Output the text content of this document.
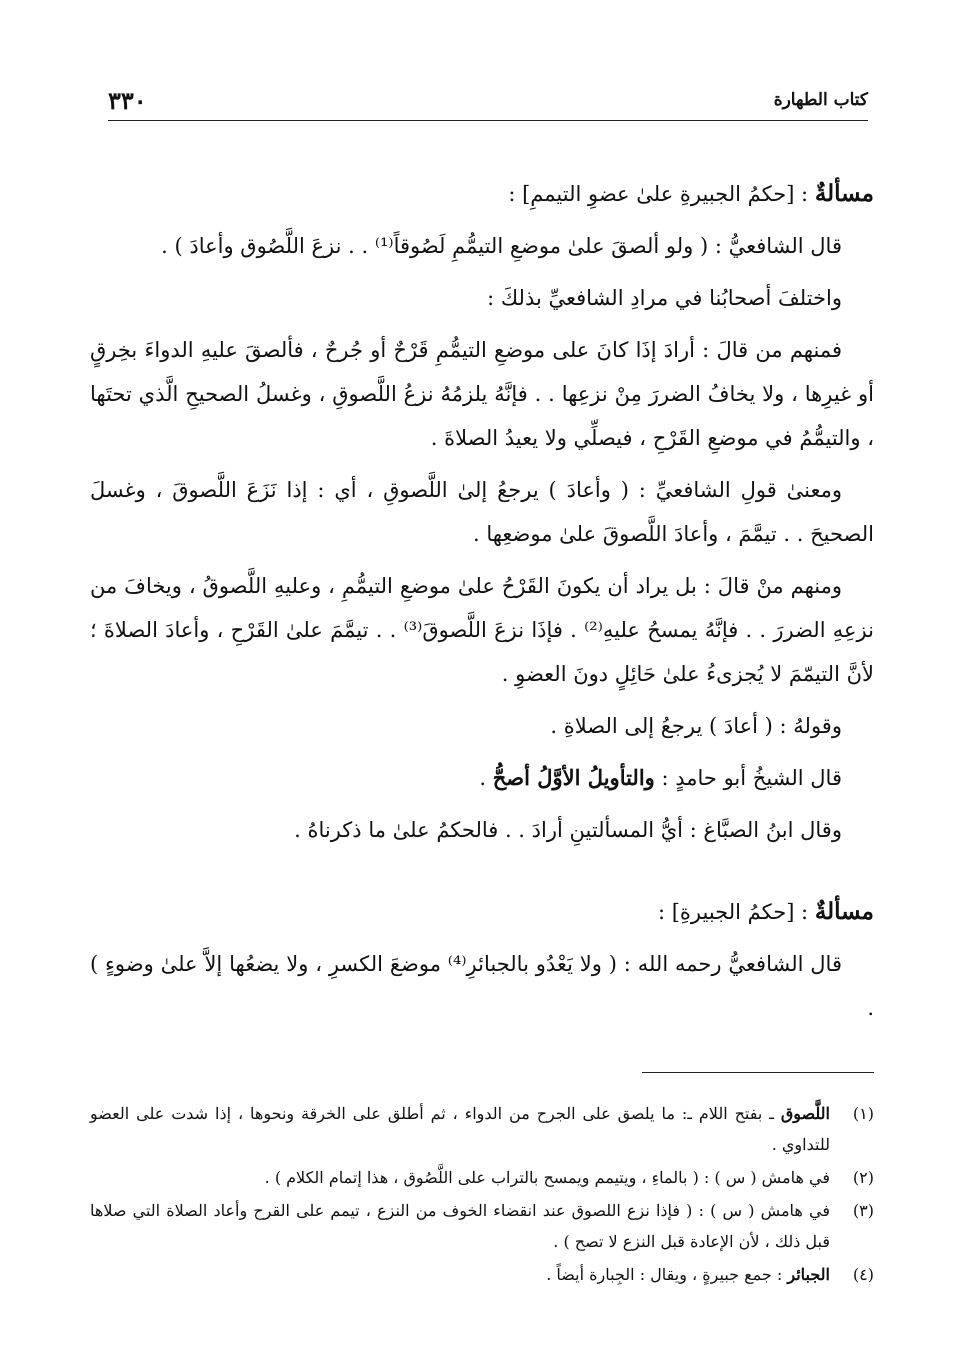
كتاب الطهارة
٣٣٠

مسألةٌ : [حكمُ الجبيرةِ علىٰ عضوِ التيممِ] :

قال الشافعيُّ : ( ولو ألصقَ علىٰ موضعِ التيمُّمِ لَصُوقاً⁽¹⁾ . . نزعَ اللَّصُوق وأعادَ ) .

واختلفَ أصحابُنا في مرادِ الشافعيِّ بذلكَ :

فمنهم من قالَ : أرادَ إذَا كانَ على موضعِ التيمُّمِ قَرْحٌ أو جُرحٌ ، فألصقَ عليهِ الدواءَ بخِرقٍ أو غيرِها ، ولا يخافُ الضررَ مِنْ نزعِها . . فإنَّهُ يلزمُهُ نزعُ اللَّصوقِ ، وغسلُ الصحيحِ الَّذي تحتَها ، والتيمُّمُ في موضعِ القَرْحِ ، فيصلِّي ولا يعيدُ الصلاةَ .

ومعنىٰ قولِ الشافعيِّ : ( وأعادَ ) يرجعُ إلىٰ اللَّصوقِ ، أي : إذا نَزَعَ اللَّصوقَ ، وغسلَ الصحيحَ . . تيمَّمَ ، وأعادَ اللَّصوقَ علىٰ موضعِها .

ومنهم منْ قالَ : بل يراد أن يكونَ القَرْحُ علىٰ موضعِ التيمُّمِ ، وعليهِ اللَّصوقُ ، ويخافَ من نزعِهِ الضررَ . . فإنَّهُ يمسحُ عليهِ⁽²⁾ . فإذَا نزعَ اللَّصوقَ⁽³⁾ . . تيمَّمَ علىٰ القَرْحِ ، وأعادَ الصلاةَ ؛ لأنَّ التيمّمَ لا يُجزىءُ علىٰ حَائِلٍ دونَ العضوِ .

وقولهُ : ( أعادَ ) يرجعُ إلى الصلاةِ .

قال الشيخُ أبو حامدٍ : والتأويلُ الأوَّلُ أصحُّ .

وقال ابنُ الصبَّاغ : أيُّ المسألتينِ أرادَ . . فالحكمُ علىٰ ما ذكرناهُ .

مسألةٌ : [حكمُ الجبيرةِ] :

قال الشافعيُّ رحمه الله : ( ولا يَعْدُو بالجبائرِ⁽⁴⁾ موضعَ الكسرِ ، ولا يضعُها إلاَّ علىٰ وضوءٍ ) .

(١)
اللَّصوق ـ بفتح اللام ـ: ما يلصق على الجرح من الدواء ، ثم أطلق على الخرقة ونحوها ، إذا شدت على العضو للتداوي .
(٢)
في هامش ( س ) : ( بالماءِ ، ويتيمم ويمسح بالتراب على اللَّصُوق ، هذا إتمام الكلام ) .
(٣)
في هامش ( س ) : ( فإذا نزع اللصوق عند انقضاء الخوف من النزع ، تيمم على القرح وأعاد الصلاة التي صلاها قبل ذلك ، لأن الإعادة قبل النزع لا تصح ) .
(٤)
الجبائر : جمع جبيرةٍ ، ويقال : الجِبارة أيضاً .
